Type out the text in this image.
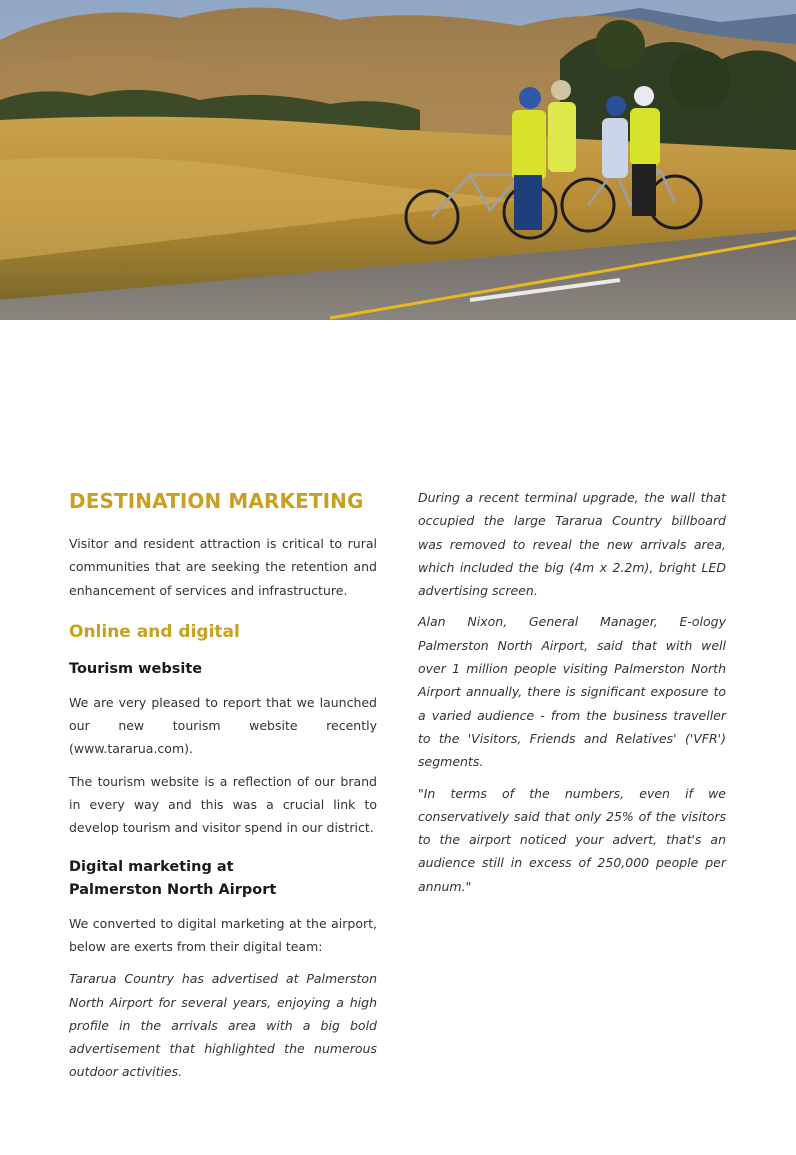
DESTINATION MARKETING

Visitor and resident attraction is critical to rural communities that are seeking the retention and enhancement of services and infrastructure.

Online and digital
Tourism website

We are very pleased to report that we launched our new tourism website recently (www.tararua.com).

The tourism website is a reflection of our brand in every way and this was a crucial link to develop tourism and visitor spend in our district.

Digital marketing at
Palmerston North Airport

We converted to digital marketing at the airport, below are exerts from their digital team:

Tararua Country has advertised at Palmerston North Airport for several years, enjoying a high profile in the arrivals area with a big bold advertisement that highlighted the numerous outdoor activities.

During a recent terminal upgrade, the wall that occupied the large Tararua Country billboard was removed to reveal the new arrivals area, which included the big (4m x 2.2m), bright LED advertising screen.

Alan Nixon, General Manager, E-ology Palmerston North Airport, said that with well over 1 million people visiting Palmerston North Airport annually, there is significant exposure to a varied audience - from the business traveller to the 'Visitors, Friends and Relatives' ('VFR') segments.

"In terms of the numbers, even if we conservatively said that only 25% of the visitors to the airport noticed your advert, that's an audience still in excess of 250,000 people per annum."
